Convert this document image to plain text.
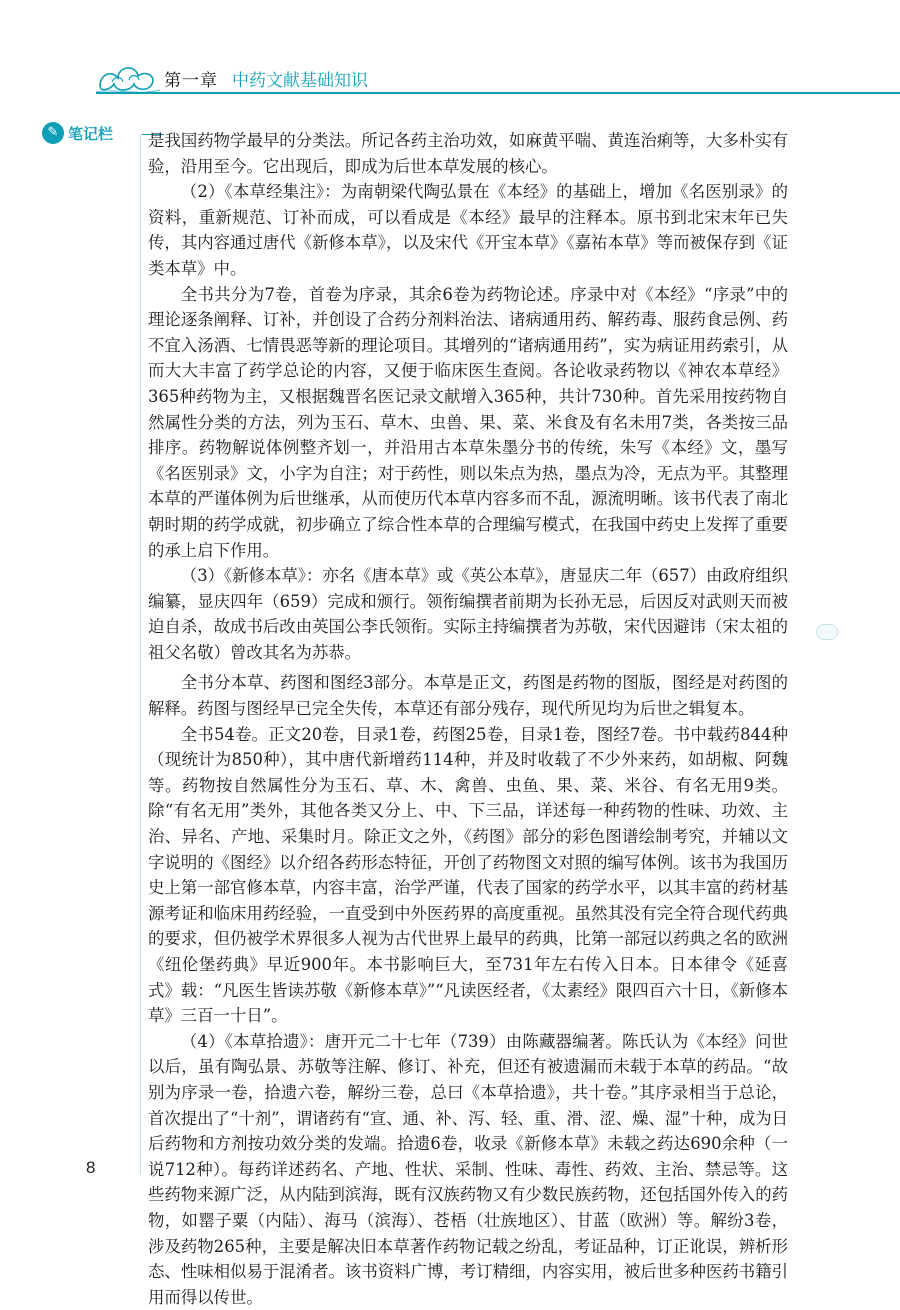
第一章 中药文献基础知识
✎ 笔记栏 是我国药物学最早的分类法。所记各药主治功效，如麻黄平喘、黄连治痢等，大多朴实有验，沿用至今。它出现后，即成为后世本草发展的核心。

（2）《本草经集注》：为南朝梁代陶弘景在《本经》的基础上，增加《名医别录》的资料，重新规范、订补而成，可以看成是《本经》最早的注释本。原书到北宋末年已失传，其内容通过唐代《新修本草》，以及宋代《开宝本草》《嘉祐本草》等而被保存到《证类本草》中。

全书共分为7卷，首卷为序录，其余6卷为药物论述。序录中对《本经》“序录”中的理论逐条阐释、订补，并创设了合药分剂料治法、诸病通用药、解药毒、服药食忌例、药不宜入汤酒、七情畏恶等新的理论项目。其增列的“诸病通用药”，实为病证用药索引，从而大大丰富了药学总论的内容，又便于临床医生查阅。各论收录药物以《神农本草经》365种药物为主，又根据魏晋名医记录文献增入365种，共计730种。首先采用按药物自然属性分类的方法，列为玉石、草木、虫兽、果、菜、米食及有名未用7类，各类按三品排序。药物解说体例整齐划一，并沿用古本草朱墨分书的传统，朱写《本经》文，墨写《名医别录》文，小字为自注；对于药性，则以朱点为热，墨点为冷，无点为平。其整理本草的严谨体例为后世继承，从而使历代本草内容多而不乱，源流明晰。该书代表了南北朝时期的药学成就，初步确立了综合性本草的合理编写模式，在我国中药史上发挥了重要的承上启下作用。

（3）《新修本草》：亦名《唐本草》或《英公本草》，唐显庆二年（657）由政府组织编纂，显庆四年（659）完成和颁行。领衔编撰者前期为长孙无忌，后因反对武则天而被迫自杀，故成书后改由英国公李氏领衔。实际主持编撰者为苏敬，宋代因避讳（宋太祖的祖父名敬）曾改其名为苏恭。

全书分本草、药图和图经3部分。本草是正文，药图是药物的图版，图经是对药图的解释。药图与图经早已完全失传，本草还有部分残存，现代所见均为后世之辑复本。

全书54卷。正文20卷，目录1卷，药图25卷，目录1卷，图经7卷。书中载药844种（现统计为850种），其中唐代新增药114种，并及时收载了不少外来药，如胡椒、阿魏等。药物按自然属性分为玉石、草、木、禽兽、虫鱼、果、菜、米谷、有名无用9类。除“有名无用”类外，其他各类又分上、中、下三品，详述每一种药物的性味、功效、主治、异名、产地、采集时月。除正文之外，《药图》部分的彩色图谱绘制考究，并辅以文字说明的《图经》以介绍各药形态特征，开创了药物图文对照的编写体例。该书为我国历史上第一部官修本草，内容丰富，治学严谨，代表了国家的药学水平，以其丰富的药材基源考证和临床用药经验，一直受到中外医药界的高度重视。虽然其没有完全符合现代药典的要求，但仍被学术界很多人视为古代世界上最早的药典，比第一部冠以药典之名的欧洲《纽伦堡药典》早近900年。本书影响巨大，至731年左右传入日本。日本律令《延喜式》载：“凡医生皆读苏敬《新修本草》”“凡读医经者，《太素经》限四百六十日，《新修本草》三百一十日”。

（4）《本草拾遗》：唐开元二十七年（739）由陈藏器编著。陈氏认为《本经》问世以后，虽有陶弘景、苏敬等注解、修订、补充，但还有被遗漏而未载于本草的药品。“故别为序录一卷，拾遗六卷，解纷三卷，总曰《本草拾遗》，共十卷。”其序录相当于总论，首次提出了“十剂”，谓诸药有“宣、通、补、泻、轻、重、滑、涩、燥、湿”十种，成为日后药物和方剂按功效分类的发端。拾遗6卷，收录《新修本草》未载之药达690余种（一说712种）。每药详述药名、产地、性状、采制、性味、毒性、药效、主治、禁忌等。这些药物来源广泛，从内陆到滨海，既有汉族药物又有少数民族药物，还包括国外传入的药物，如罂子粟（内陆）、海马（滨海）、苍梧（壮族地区）、甘蓝（欧洲）等。解纷3卷，涉及药物265种，主要是解决旧本草著作药物记载之纷乱，考证品种，订正讹误，辨析形态、性味相似易于混淆者。该书资料广博，考订精细，内容实用，被后世多种医药书籍引用而得以传世。

8
